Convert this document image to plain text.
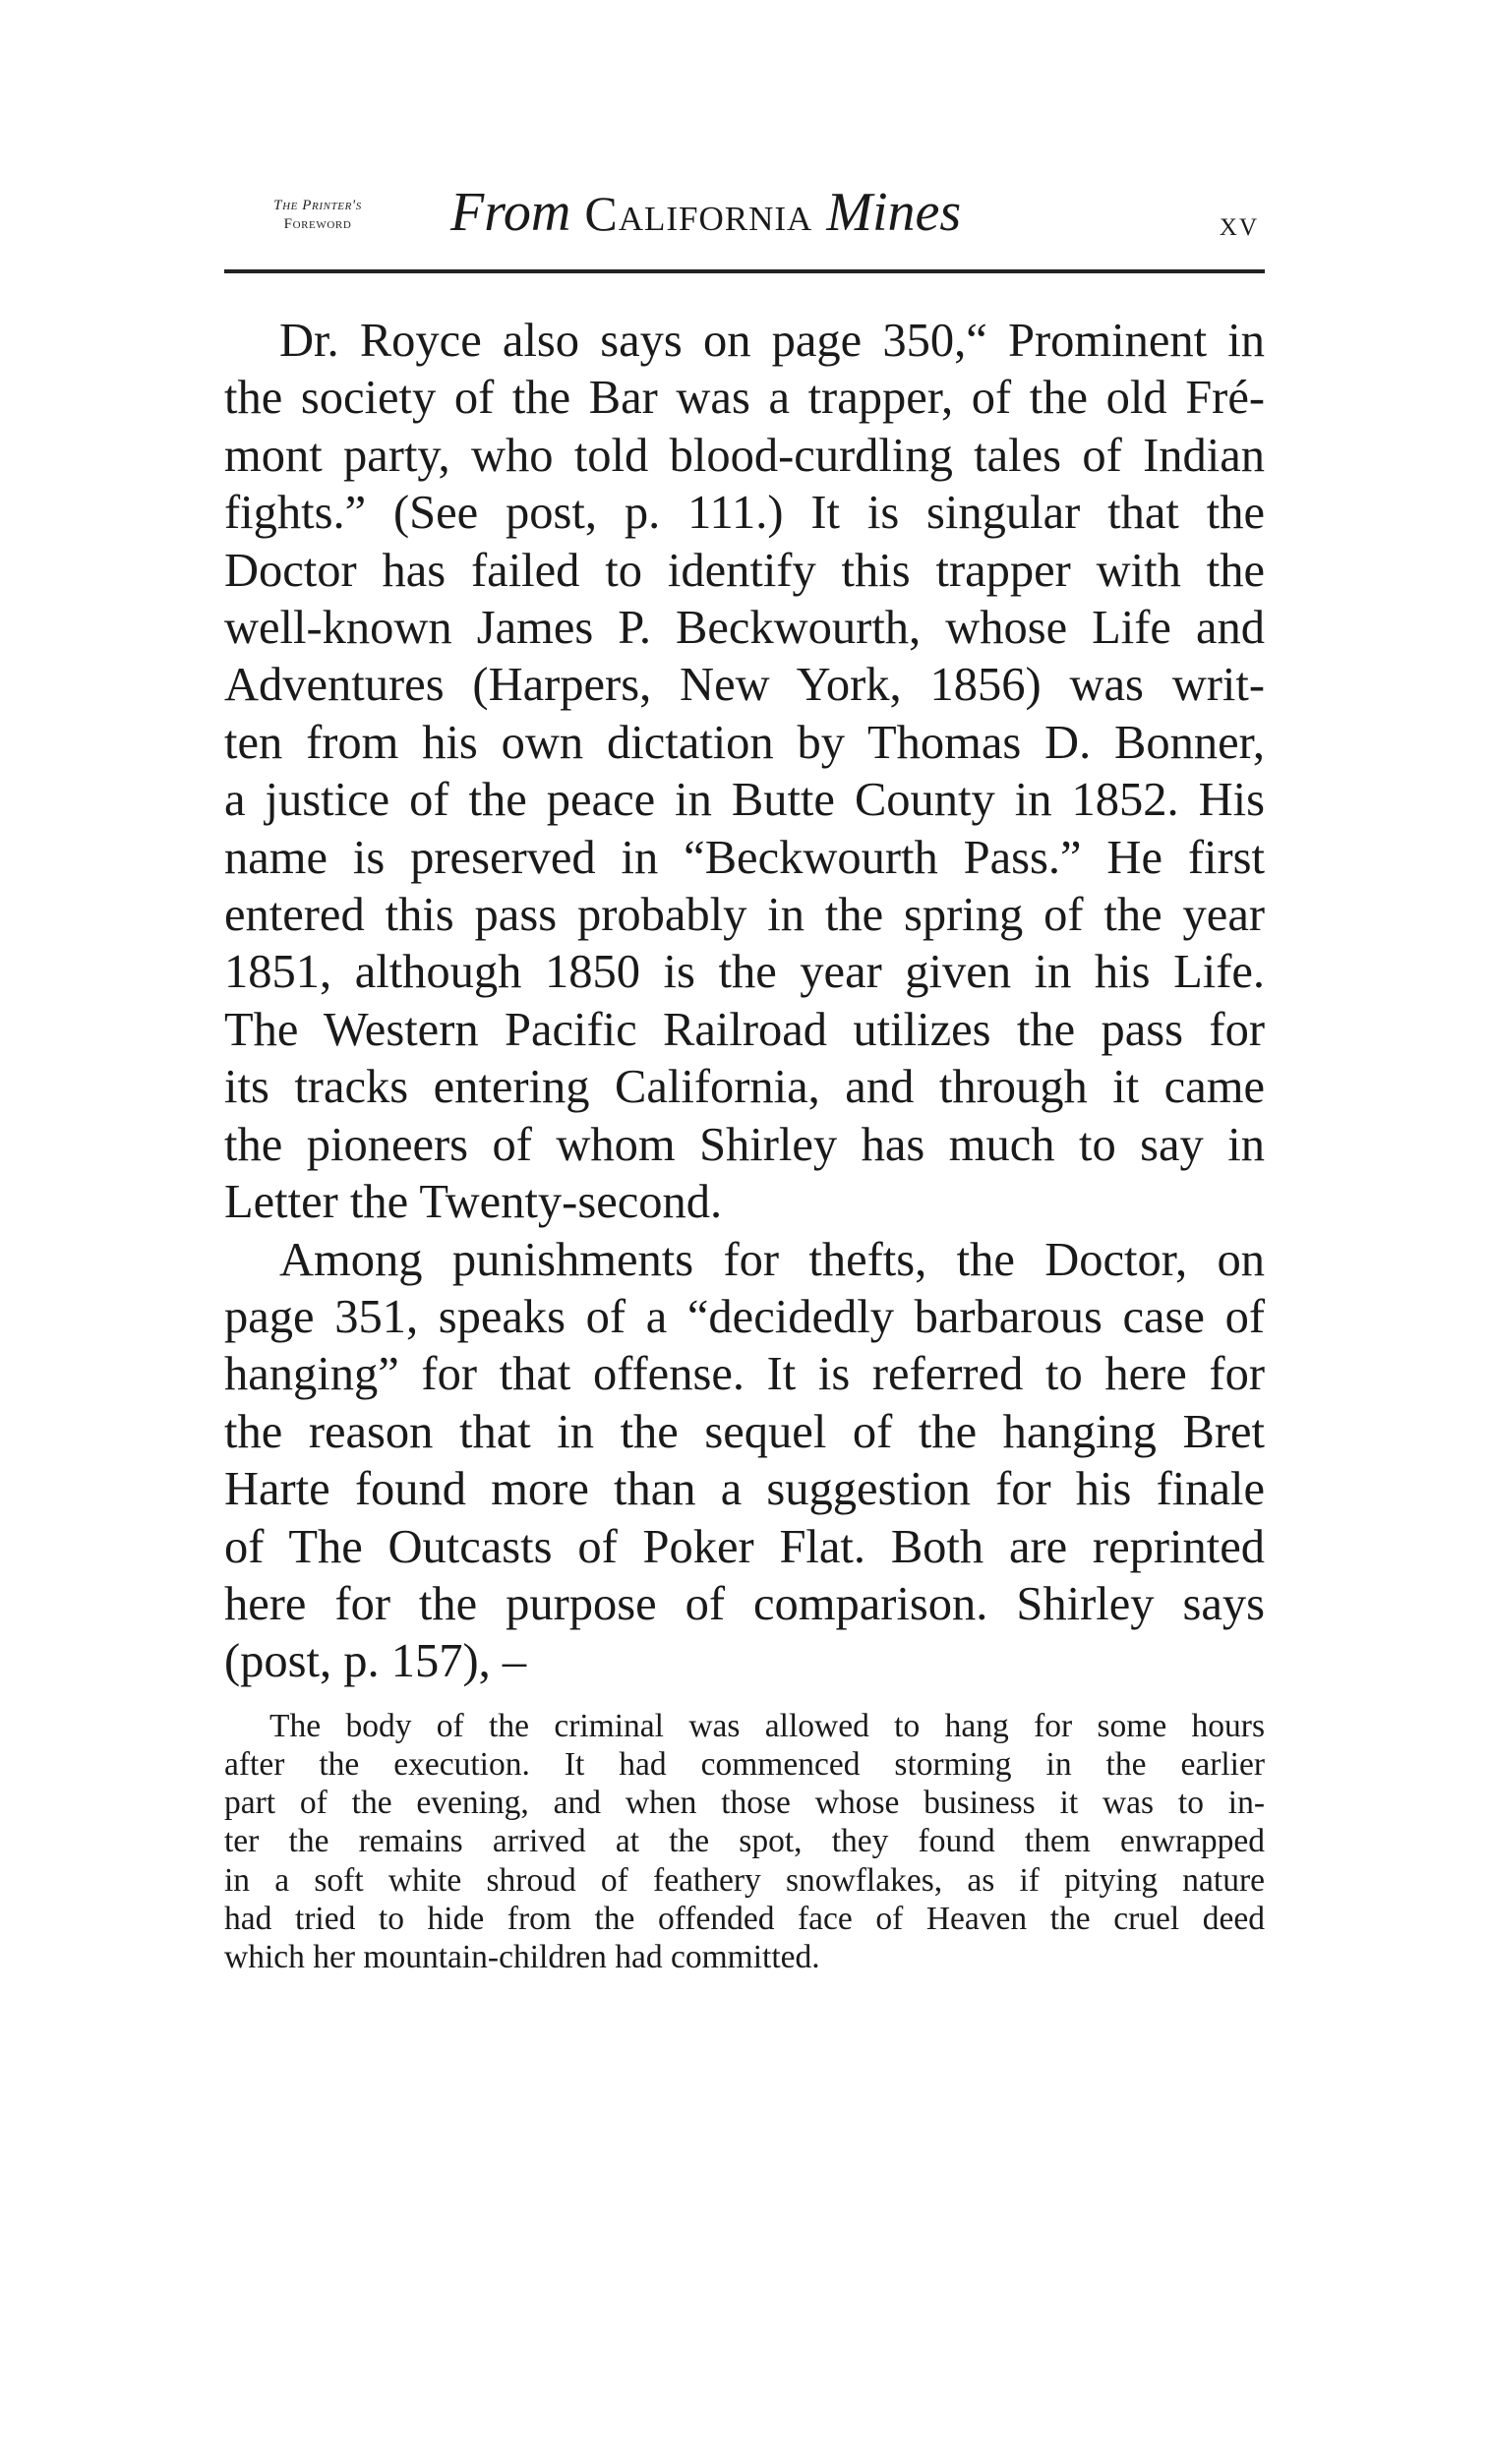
The Printer's
Foreword	From California Mines	xv
Dr. Royce also says on page 350,“ Prominent in
the society of the Bar was a trapper, of the old Fré-
mont party, who told blood-curdling tales of Indian
fights.” (See post, p. 111.) It is singular that the
Doctor has failed to identify this trapper with the
well-known James P. Beckwourth, whose Life and
Adventures (Harpers, New York, 1856) was writ-
ten from his own dictation by Thomas D. Bonner,
a justice of the peace in Butte County in 1852. His
name is preserved in “Beckwourth Pass.” He first
entered this pass probably in the spring of the year
1851, although 1850 is the year given in his Life.
The Western Pacific Railroad utilizes the pass for
its tracks entering California, and through it came
the pioneers of whom Shirley has much to say in
Letter the Twenty-second.
Among punishments for thefts, the Doctor, on
page 351, speaks of a “decidedly barbarous case of
hanging” for that offense. It is referred to here for
the reason that in the sequel of the hanging Bret
Harte found more than a suggestion for his finale
of The Outcasts of Poker Flat. Both are reprinted
here for the purpose of comparison. Shirley says
(post, p. 157), –
The body of the criminal was allowed to hang for some hours
after the execution. It had commenced storming in the earlier
part of the evening, and when those whose business it was to in-
ter the remains arrived at the spot, they found them enwrapped
in a soft white shroud of feathery snowflakes, as if pitying nature
had tried to hide from the offended face of Heaven the cruel deed
which her mountain-children had committed.
